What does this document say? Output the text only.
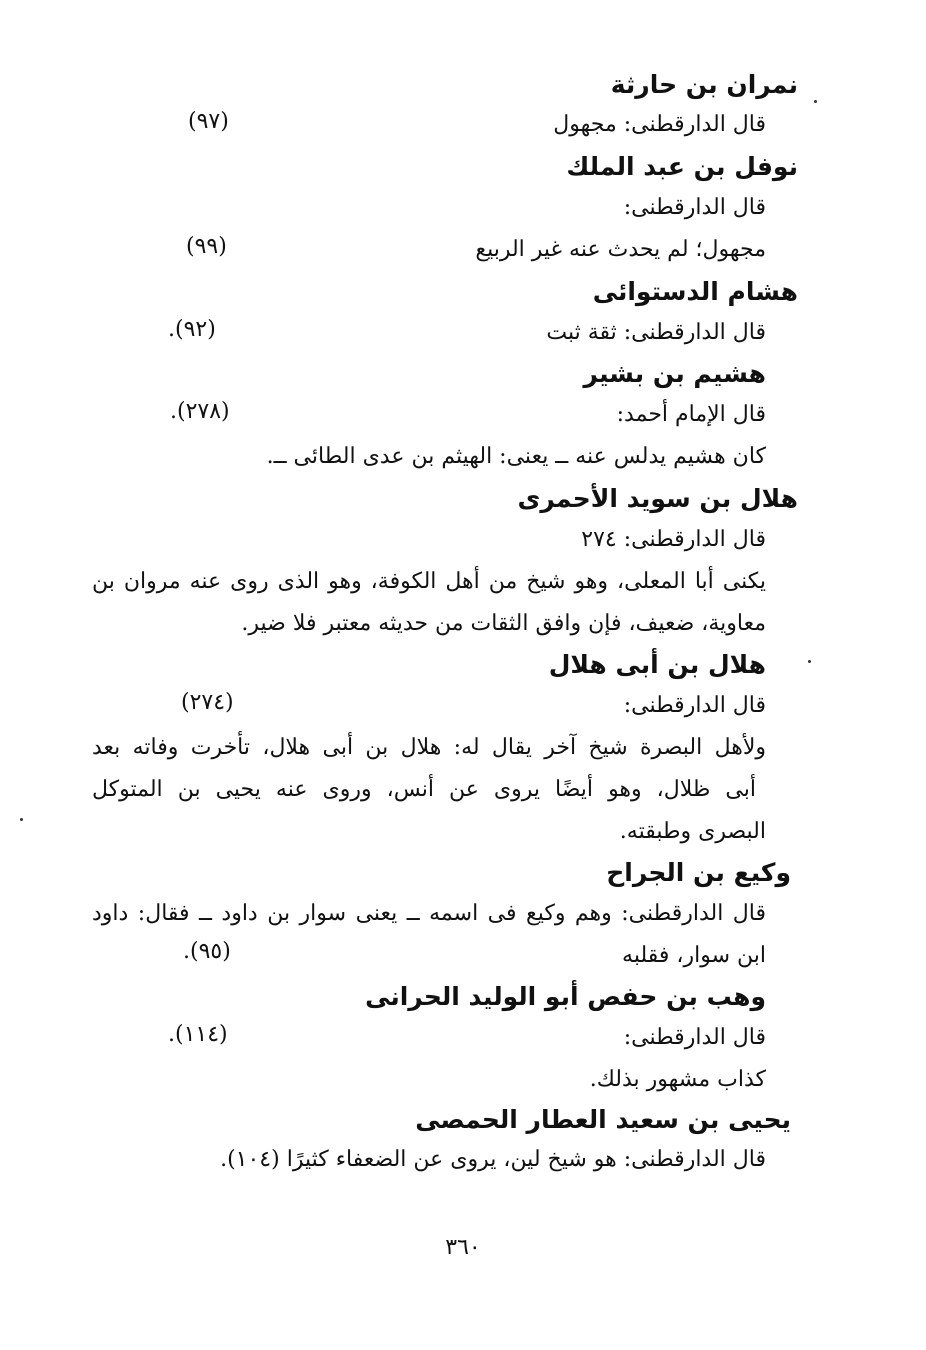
نمران بن حارثة
قال الدارقطنى: مجهول
(٩٧)
نوفل بن عبد الملك
قال الدارقطنى:
مجهول؛ لم يحدث عنه غير الربيع
(٩٩)
هشام الدستوائى
قال الدارقطنى: ثقة ثبت
(٩٢).
هشيم بن بشير
قال الإمام أحمد:
(٢٧٨).
كان هشيم يدلس عنه ــ يعنى: الهيثم بن عدى الطائى ــ.
هلال بن سويد الأحمرى
قال الدارقطنى: ٢٧٤
يكنى أبا المعلى، وهو شيخ من أهل الكوفة، وهو الذى روى عنه مروان بن
معاوية، ضعيف، فإن وافق الثقات من حديثه معتبر فلا ضير.
هلال بن أبى هلال
قال الدارقطنى:
(٢٧٤)
ولأهل البصرة شيخ آخر يقال له: هلال بن أبى هلال، تأخرت وفاته بعد
أبى ظلال، وهو أيضًا يروى عن أنس، وروى عنه يحيى بن المتوكل
البصرى وطبقته.
وكيع بن الجراح
قال الدارقطنى: وهم وكيع فى اسمه ــ يعنى سوار بن داود ــ فقال: داود
ابن سوار، فقلبه
(٩٥).
وهب بن حفص أبو الوليد الحرانى
قال الدارقطنى:
(١١٤).
كذاب مشهور بذلك.
يحيى بن سعيد العطار الحمصى
قال الدارقطنى: هو شيخ لين، يروى عن الضعفاء كثيرًا (١٠٤).
٣٦٠
